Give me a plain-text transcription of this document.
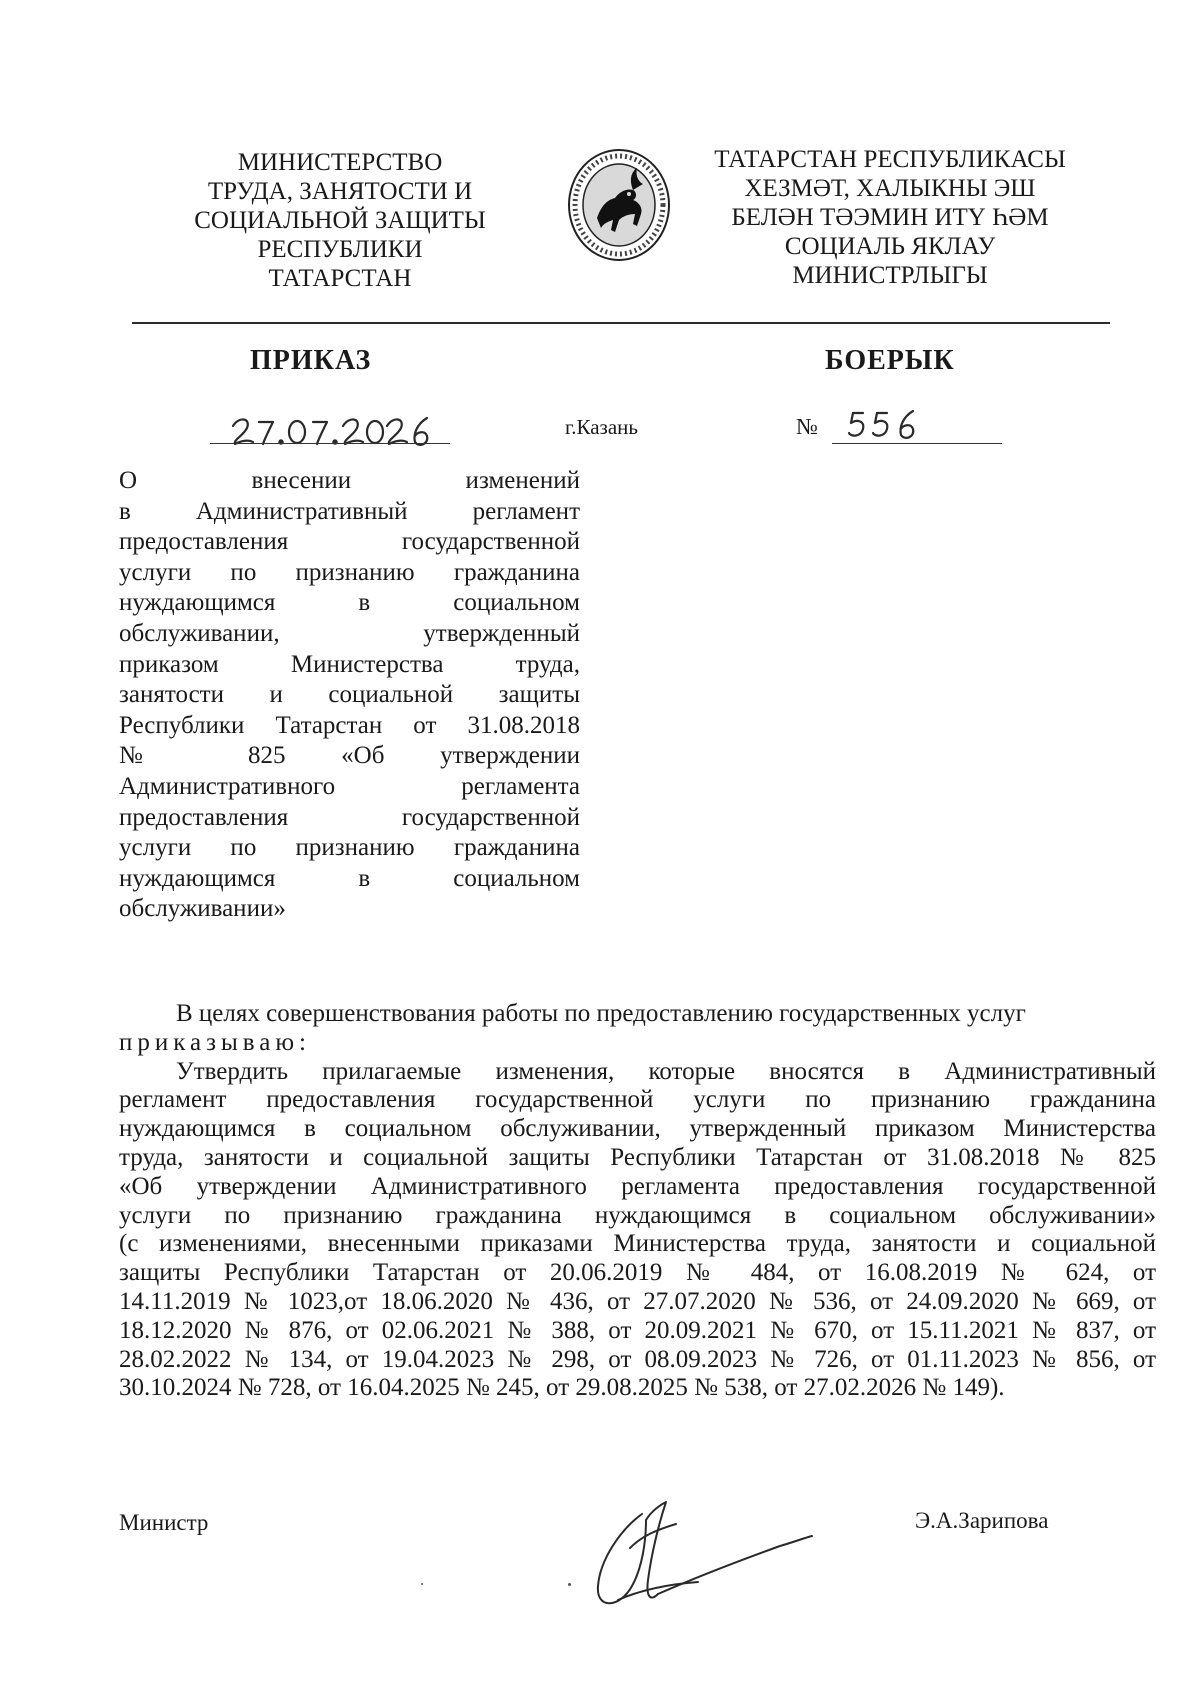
МИНИСТЕРСТВО
ТРУДА, ЗАНЯТОСТИ И
СОЦИАЛЬНОЙ ЗАЩИТЫ
РЕСПУБЛИКИ
ТАТАРСТАН
ТАТАРСТАН РЕСПУБЛИКАСЫ
ХЕЗМӘТ, ХАЛЫКНЫ ЭШ
БЕЛӘН ТӘЭМИН ИТҮ ҺӘМ
СОЦИАЛЬ ЯКЛАУ
МИНИСТРЛЫГЫ
ПРИКАЗ	БОЕРЫК
г.Казань	№
О внесении изменений
в Административный регламент
предоставления государственной
услуги по признанию гражданина
нуждающимся в социальном
обслуживании, утвержденный
приказом Министерства труда,
занятости и социальной защиты
Республики Татарстан от 31.08.2018
№ 825 «Об утверждении
Административного регламента
предоставления государственной
услуги по признанию гражданина
нуждающимся в социальном
обслуживании»
В целях совершенствования работы по предоставлению государственных услуг
приказываю:
Утвердить прилагаемые изменения, которые вносятся в Административный
регламент предоставления государственной услуги по признанию гражданина
нуждающимся в социальном обслуживании, утвержденный приказом Министерства
труда, занятости и социальной защиты Республики Татарстан от 31.08.2018 № 825
«Об утверждении Административного регламента предоставления государственной
услуги по признанию гражданина нуждающимся в социальном обслуживании»
(с изменениями, внесенными приказами Министерства труда, занятости и социальной
защиты Республики Татарстан от 20.06.2019 № 484, от 16.08.2019 № 624, от
14.11.2019 № 1023,от 18.06.2020 № 436, от 27.07.2020 № 536, от 24.09.2020 № 669, от
18.12.2020 № 876, от 02.06.2021 № 388, от 20.09.2021 № 670, от 15.11.2021 № 837, от
28.02.2022 № 134, от 19.04.2023 № 298, от 08.09.2023 № 726, от 01.11.2023 № 856, от
30.10.2024 № 728, от 16.04.2025 № 245, от 29.08.2025 № 538, от 27.02.2026 № 149).
Министр	Э.А.Зарипова
